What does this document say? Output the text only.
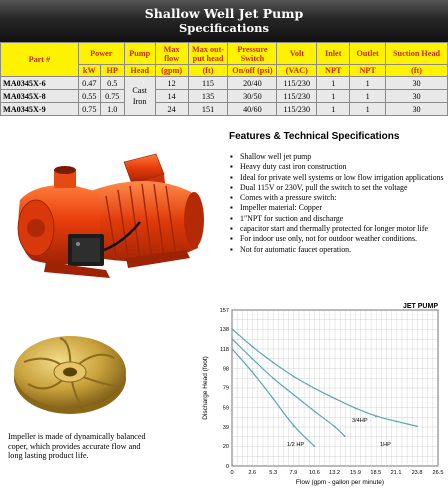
Shallow Well Jet Pump
Specifications
Part #	Power		Pump	Max flow	Max out-put head	Pressure Switch	Volt	Inlet	Outlet	Suction Head
	kW	HP	Head	(gpm)	(ft)	On/off (psi)	(VAC)	NPT	NPT	(ft)
MA0345X-6	0.47	0.5	Cast Iron	12	115	20/40	115/230	1	1	30
MA0345X-8	0.55	0.75		14	135	30/50	115/230	1	1	30
MA0345X-9	0.75	1.0		24	151	40/60	115/230	1	1	30
Features & Technical Specifications
▪ Shallow well jet pump
▪ Heavy duty cast iron construction
▪ Ideal for private well systems or low flow irrigation applications
▪ Dual 115V or 230V, pull the switch to set the voltage
▪ Comes with a pressure switch:
▪ Impeller material: Copper
▪ 1"NPT for suction and discharge
▪ capacitor start and thermally protected for longer motor life
▪ For indoor use only, not for outdoor weather conditions.
▪ Not for automatic faucet operation.
Impeller is made of dynamically balanced coper, which provides accurate flow and long lasting product life.
1/2 HP
3/4HP
1HP
0	2.6 5.3 7.9 10.6 13.2 15.9 18.5 21.1 23.8 26.5
0
20
39
59
79
98
118
138
157
JET PUMP
Flow (gpm - gallon per minute)
Discharge Head (foot)
